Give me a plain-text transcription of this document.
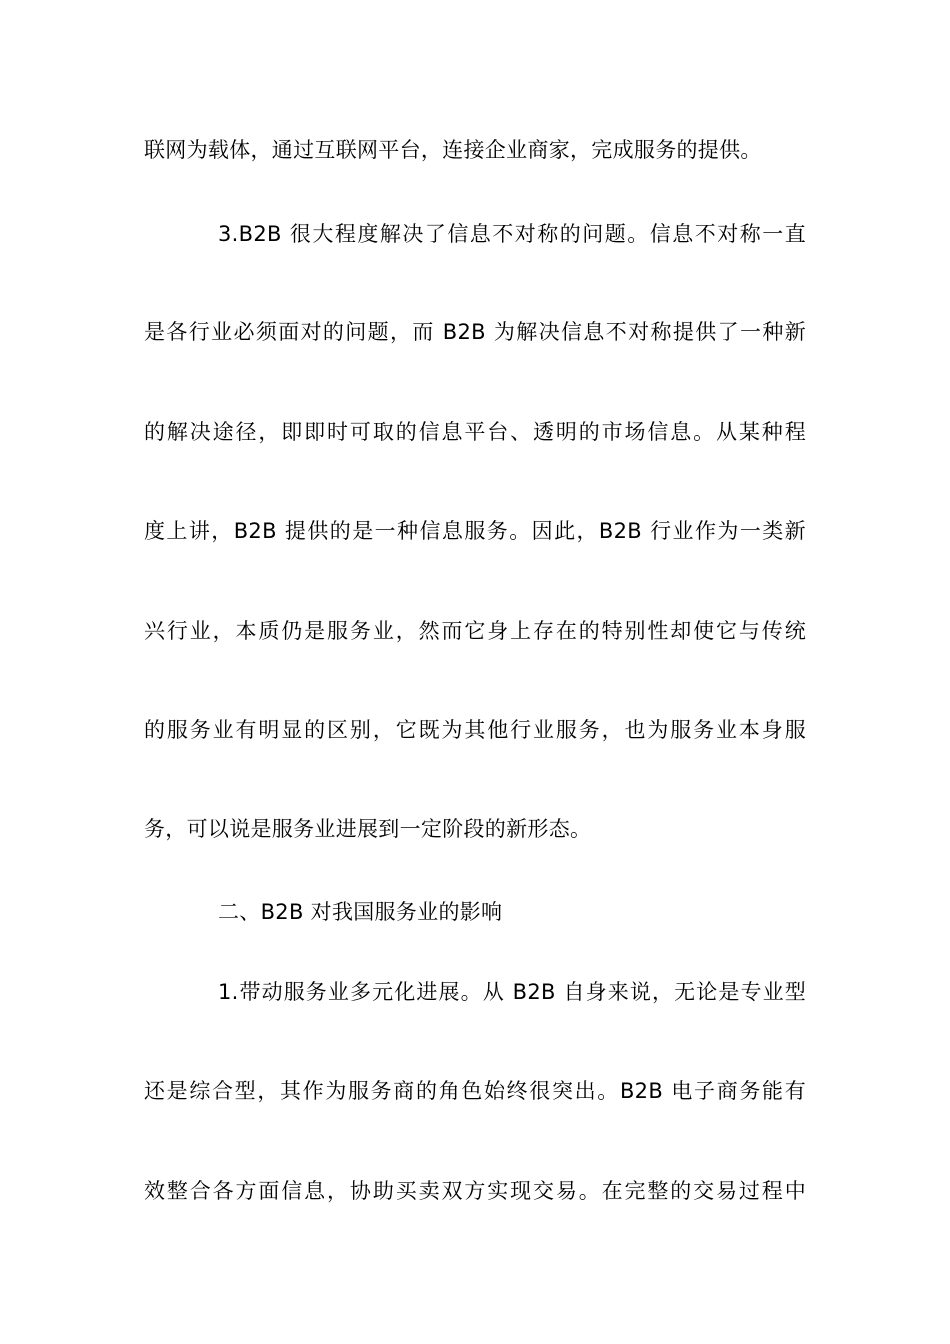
联网为载体，通过互联网平台，连接企业商家，完成服务的提供。
3.B2B 很大程度解决了信息不对称的问题。信息不对称一直
是各行业必须面对的问题，而 B2B 为解决信息不对称提供了一种新
的解决途径，即即时可取的信息平台、透明的市场信息。从某种程
度上讲，B2B 提供的是一种信息服务。因此，B2B 行业作为一类新
兴行业，本质仍是服务业，然而它身上存在的特别性却使它与传统
的服务业有明显的区别，它既为其他行业服务，也为服务业本身服
务，可以说是服务业进展到一定阶段的新形态。
二、B2B 对我国服务业的影响
1.带动服务业多元化进展。从 B2B 自身来说，无论是专业型
还是综合型，其作为服务商的角色始终很突出。B2B 电子商务能有
效整合各方面信息，协助买卖双方实现交易。在完整的交易过程中
